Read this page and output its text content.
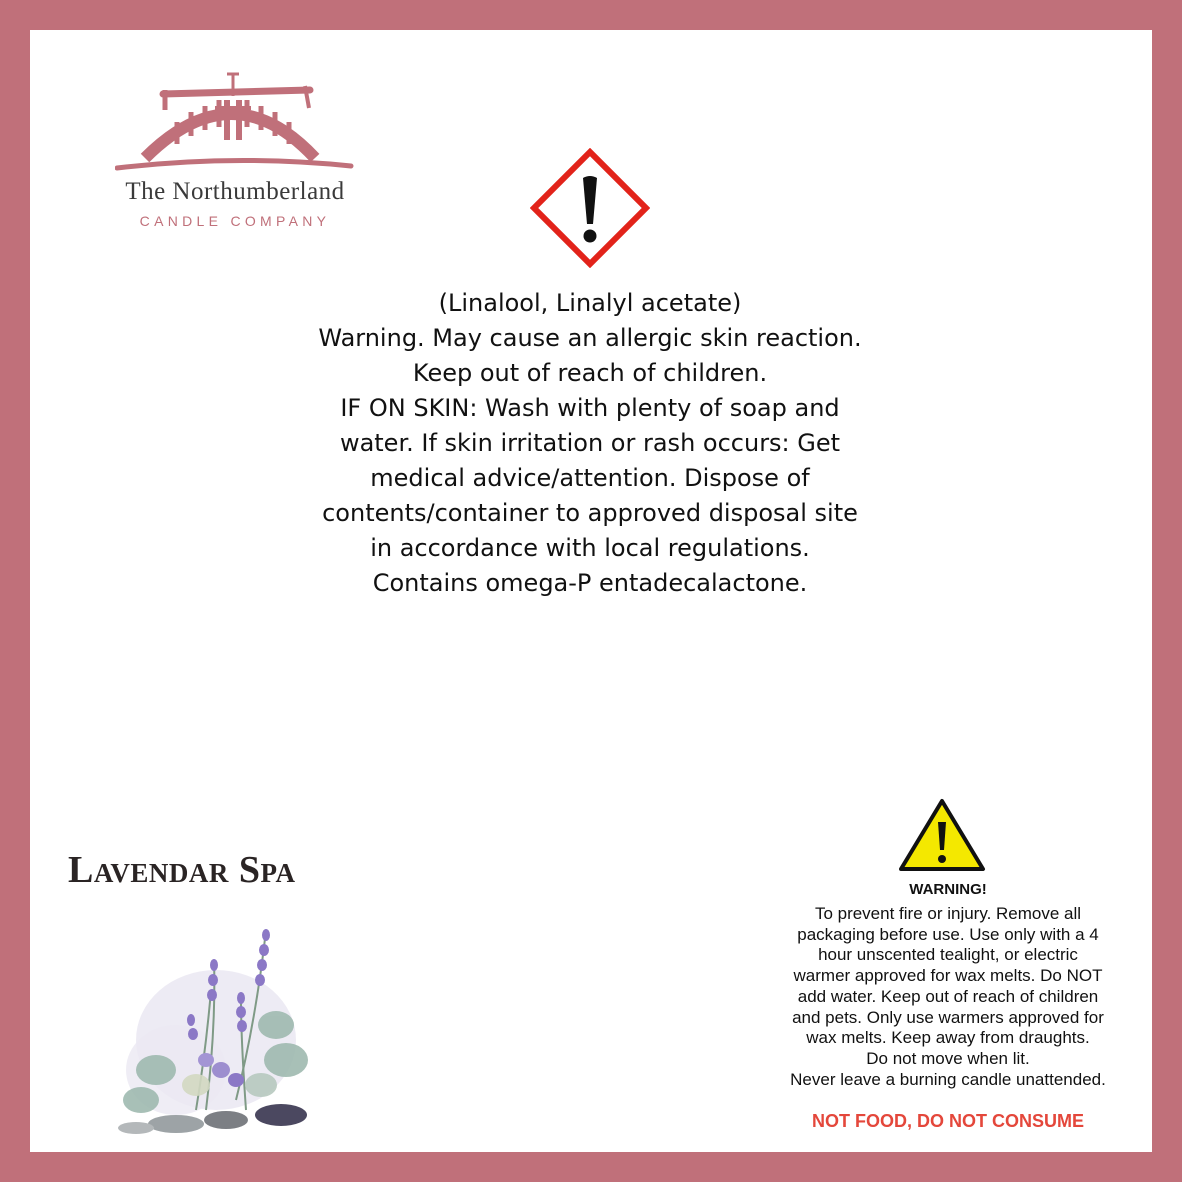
The Northumberland
CANDLE COMPANY
(Linalool, Linalyl acetate)
Warning. May cause an allergic skin reaction.
Keep out of reach of children.
IF ON SKIN: Wash with plenty of soap and
water. If skin irritation or rash occurs: Get
medical advice/attention. Dispose of
contents/container to approved disposal site
in accordance with local regulations.
Contains omega-P entadecalactone.
Lavendar Spa	WARNING!
To prevent fire or injury. Remove all
packaging before use. Use only with a 4
hour unscented tealight, or electric
warmer approved for wax melts. Do NOT
add water. Keep out of reach of children
and pets. Only use warmers approved for
wax melts. Keep away from draughts.
Do not move when lit.
Never leave a burning candle unattended.
NOT FOOD, DO NOT CONSUME
